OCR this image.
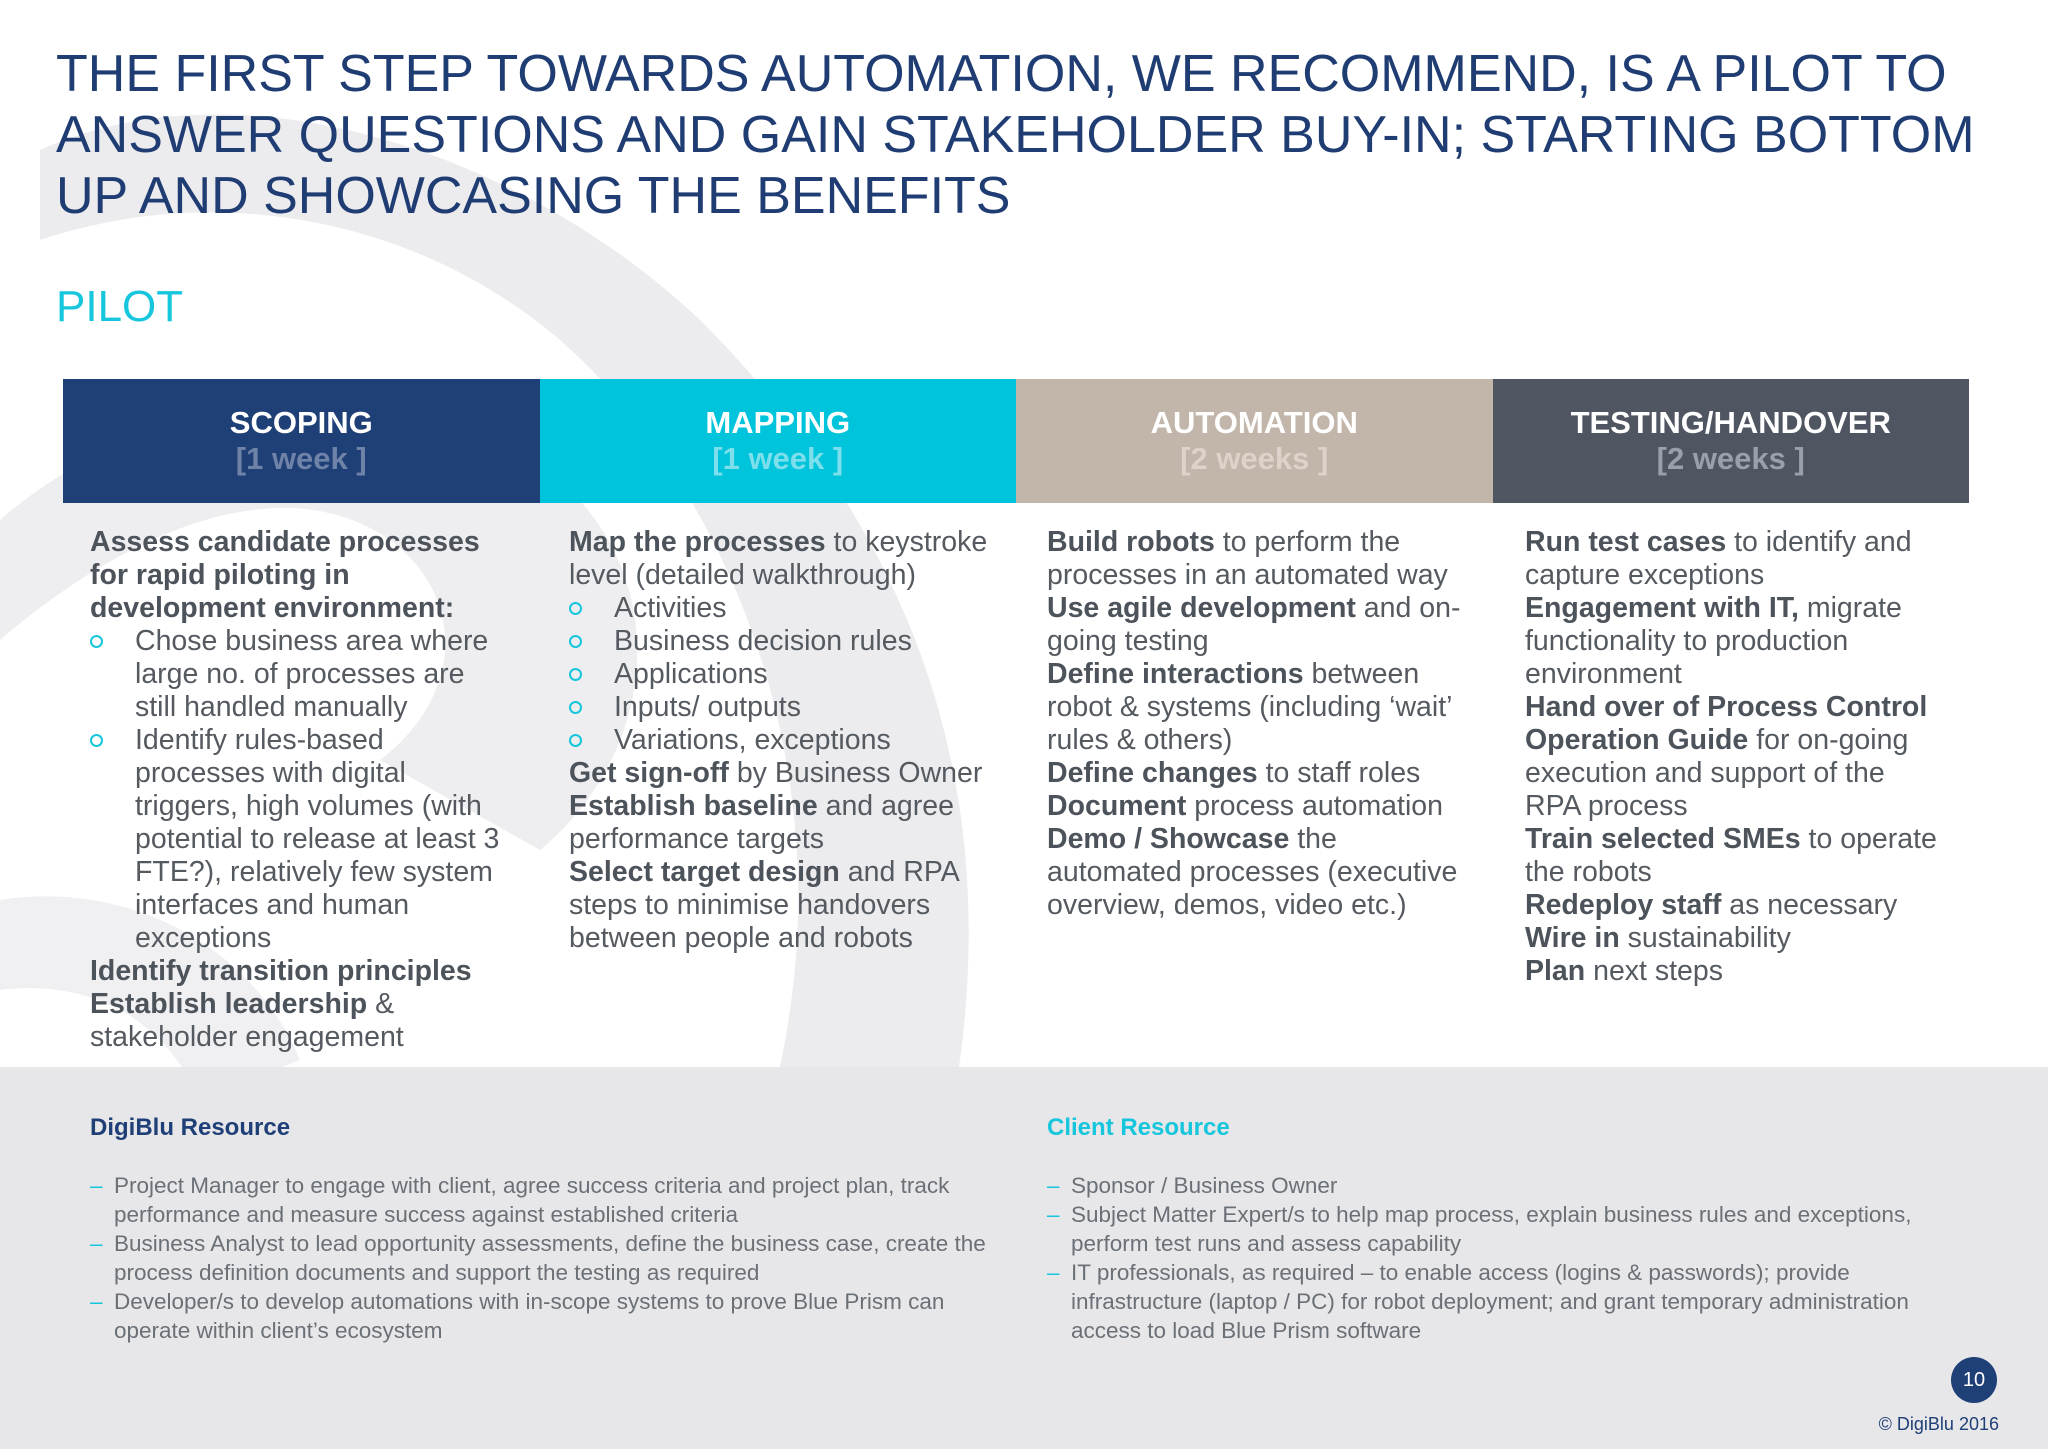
THE FIRST STEP TOWARDS AUTOMATION, WE RECOMMEND, IS A PILOT TO ANSWER QUESTIONS AND GAIN STAKEHOLDER BUY-IN; STARTING BOTTOM UP AND SHOWCASING THE BENEFITS
PILOT
SCOPING
[1 week ]
MAPPING
[1 week ]
AUTOMATION
[2 weeks ]
TESTING/HANDOVER
[2 weeks ]

Assess candidate processes for rapid piloting in development environment:

Chose business area where large no. of processes are still handled manually
Identify rules-based processes with digital triggers, high volumes (with potential to release at least 3 FTE?), relatively few system interfaces and human exceptions

Identify transition principles

Establish leadership & stakeholder engagement

Map the processes to keystroke level (detailed walkthrough)

Activities
Business decision rules
Applications
Inputs/ outputs
Variations, exceptions

Get sign-off by Business Owner

Establish baseline and agree performance targets

Select target design and RPA steps to minimise handovers between people and robots

Build robots to perform the processes in an automated way

Use agile development and on-going testing

Define interactions between robot & systems (including ‘wait’ rules & others)

Define changes to staff roles

Document process automation

Demo / Showcase the automated processes (executive overview, demos, video etc.)

Run test cases to identify and capture exceptions

Engagement with IT, migrate functionality to production environment

Hand over of Process Control Operation Guide for on-going execution and support of the RPA process

Train selected SMEs to operate the robots

Redeploy staff as necessary

Wire in sustainability

Plan next steps

DigiBlu Resource

– Project Manager to engage with client, agree success criteria and project plan, track performance and measure success against established criteria
– Business Analyst to lead opportunity assessments, define the business case, create the process definition documents and support the testing as required
– Developer/s to develop automations with in-scope systems to prove Blue Prism can operate within client’s ecosystem

Client Resource

– Sponsor / Business Owner
– Subject Matter Expert/s to help map process, explain business rules and exceptions, perform test runs and assess capability
– IT professionals, as required – to enable access (logins & passwords); provide infrastructure (laptop / PC) for robot deployment; and grant temporary administration access to load Blue Prism software
10

© DigiBlu 2016
